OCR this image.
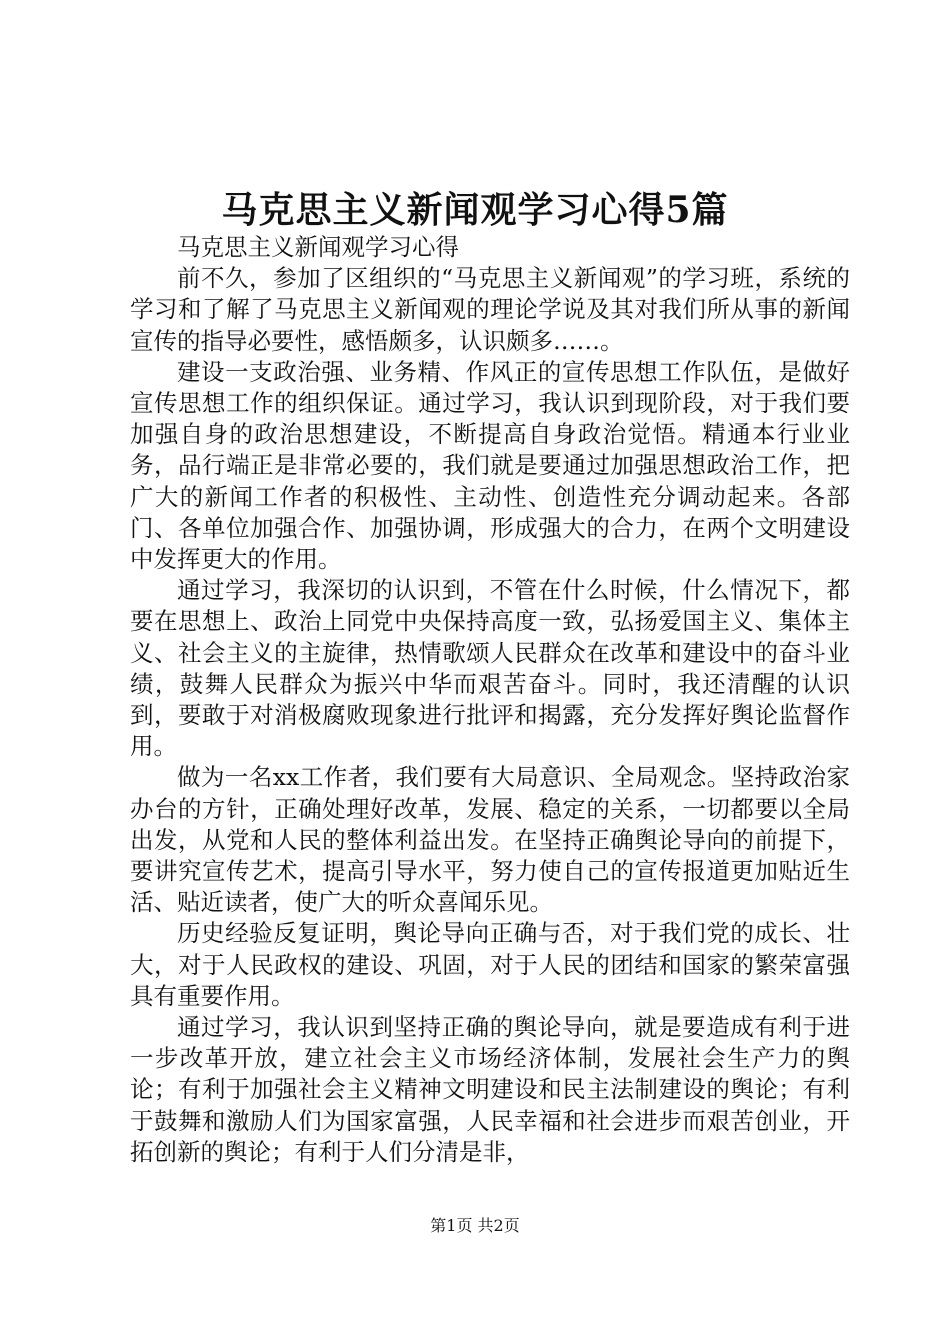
马克思主义新闻观学习心得5篇

马克思主义新闻观学习心得

前不久，参加了区组织的“马克思主义新闻观”的学习班，系统的学习和了解了马克思主义新闻观的理论学说及其对我们所从事的新闻宣传的指导必要性，感悟颇多，认识颇多……。

建设一支政治强、业务精、作风正的宣传思想工作队伍，是做好宣传思想工作的组织保证。通过学习，我认识到现阶段，对于我们要加强自身的政治思想建设，不断提高自身政治觉悟。精通本行业业务，品行端正是非常必要的，我们就是要通过加强思想政治工作，把广大的新闻工作者的积极性、主动性、创造性充分调动起来。各部门、各单位加强合作、加强协调，形成强大的合力，在两个文明建设中发挥更大的作用。

通过学习，我深切的认识到，不管在什么时候，什么情况下，都要在思想上、政治上同党中央保持高度一致，弘扬爱国主义、集体主义、社会主义的主旋律，热情歌颂人民群众在改革和建设中的奋斗业绩，鼓舞人民群众为振兴中华而艰苦奋斗。同时，我还清醒的认识到，要敢于对消极腐败现象进行批评和揭露，充分发挥好舆论监督作用。

做为一名xx工作者，我们要有大局意识、全局观念。坚持政治家办台的方针，正确处理好改革，发展、稳定的关系，一切都要以全局出发，从党和人民的整体利益出发。在坚持正确舆论导向的前提下，要讲究宣传艺术，提高引导水平，努力使自己的宣传报道更加贴近生活、贴近读者，使广大的听众喜闻乐见。

历史经验反复证明，舆论导向正确与否，对于我们党的成长、壮大，对于人民政权的建设、巩固，对于人民的团结和国家的繁荣富强具有重要作用。

通过学习，我认识到坚持正确的舆论导向，就是要造成有利于进一步改革开放，建立社会主义市场经济体制，发展社会生产力的舆论；有利于加强社会主义精神文明建设和民主法制建设的舆论；有利于鼓舞和激励人们为国家富强，人民幸福和社会进步而艰苦创业，开拓创新的舆论；有利于人们分清是非，

第1页 共2页
